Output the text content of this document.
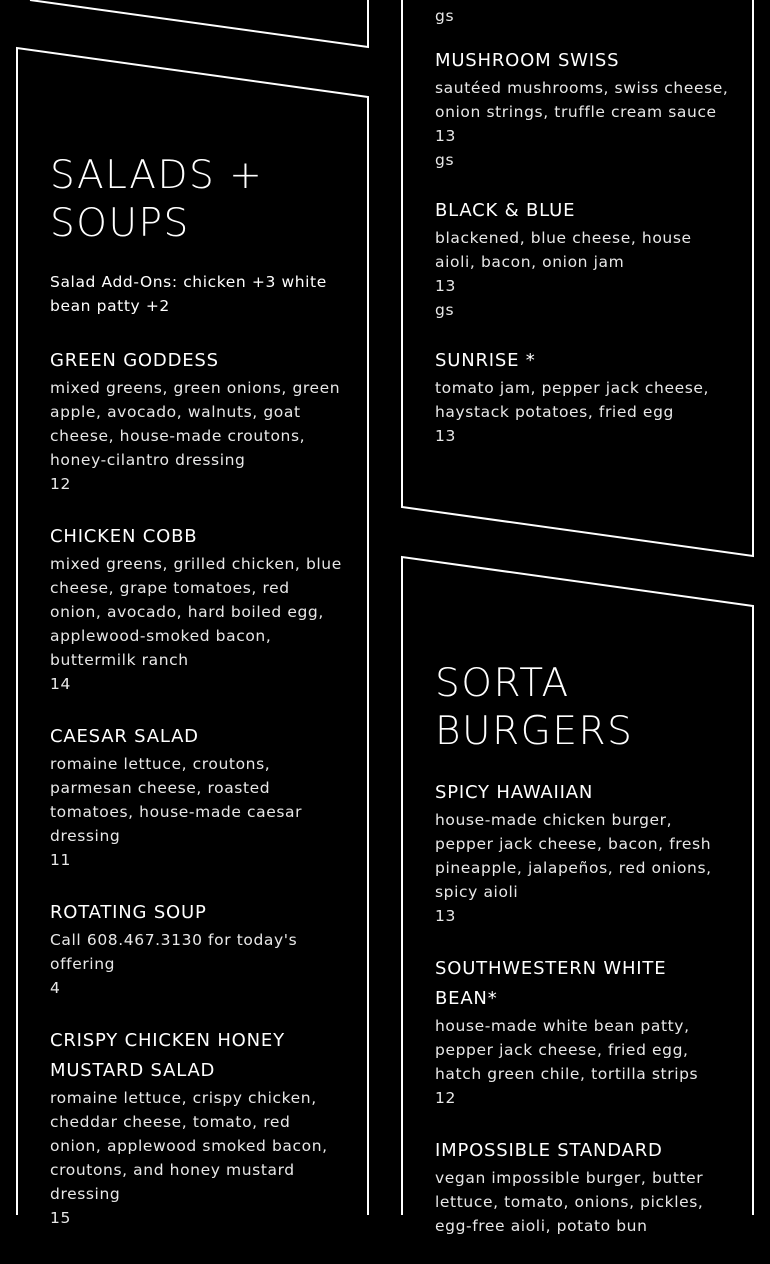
gs
MUSHROOM SWISS
sautéed mushrooms, swiss cheese, onion strings, truffle cream sauce
13
gs
BLACK & BLUE
blackened, blue cheese, house aioli, bacon, onion jam
13
gs
SUNRISE *
tomato jam, pepper jack cheese, haystack potatoes, fried egg
13
SALADS +
SOUPS
Salad Add-Ons: chicken +3 white bean patty +2
GREEN GODDESS
mixed greens, green onions, green apple, avocado, walnuts, goat cheese, house-made croutons, honey-cilantro dressing
12
CHICKEN COBB
mixed greens, grilled chicken, blue cheese, grape tomatoes, red onion, avocado, hard boiled egg, applewood-smoked bacon, buttermilk ranch
14
CAESAR SALAD
romaine lettuce, croutons, parmesan cheese, roasted tomatoes, house-made caesar dressing
11
ROTATING SOUP
Call 608.467.3130 for today's offering
4
CRISPY CHICKEN HONEY MUSTARD SALAD
romaine lettuce, crispy chicken, cheddar cheese, tomato, red onion, applewood smoked bacon, croutons, and honey mustard dressing
15
SORTA
BURGERS
SPICY HAWAIIAN
house-made chicken burger, pepper jack cheese, bacon, fresh pineapple, jalapeños, red onions, spicy aioli
13
SOUTHWESTERN WHITE BEAN*
house-made white bean patty, pepper jack cheese, fried egg, hatch green chile, tortilla strips
12
IMPOSSIBLE STANDARD
vegan impossible burger, butter lettuce, tomato, onions, pickles, egg-free aioli, potato bun
